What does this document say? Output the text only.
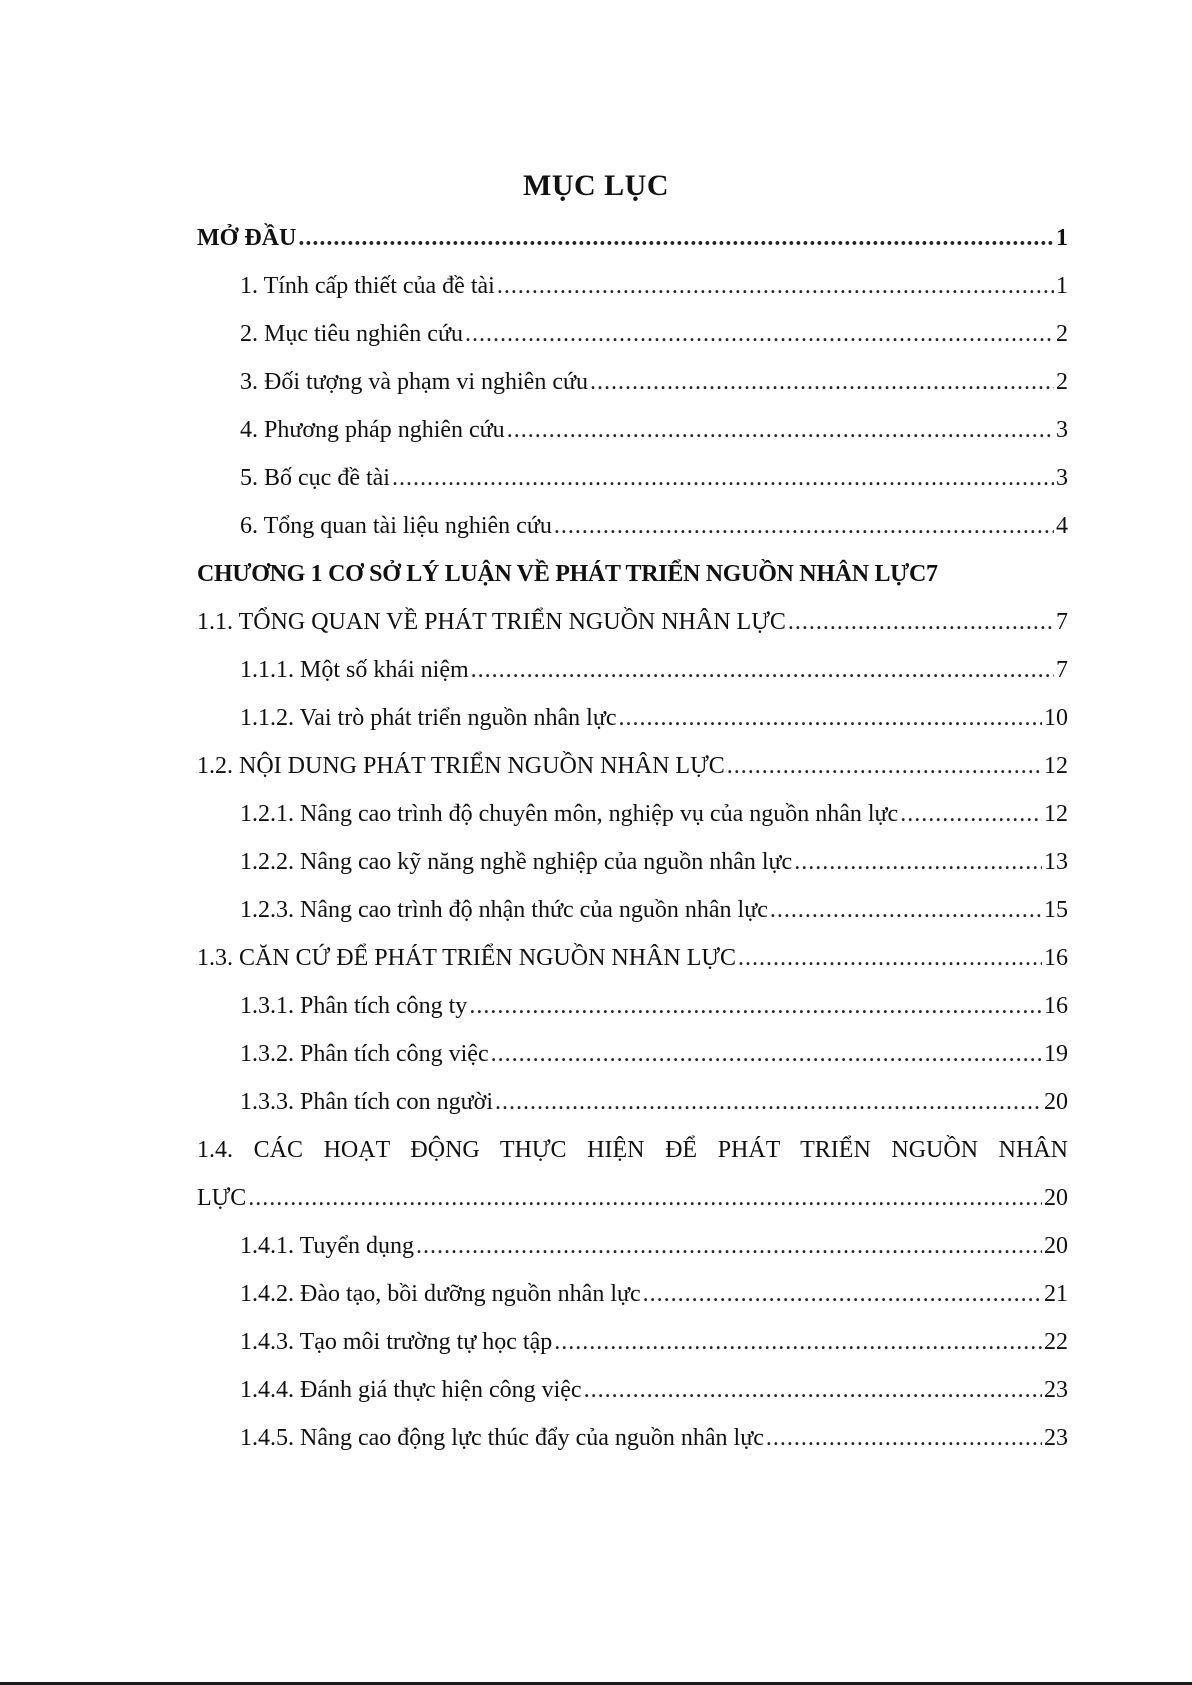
MỤC LỤC
MỞ ĐẦU .....	1
1. Tính cấp thiết của đề tài .....	1
2. Mục tiêu nghiên cứu .....	2
3. Đối tượng và phạm vi nghiên cứu .....	2
4. Phương pháp nghiên cứu .....	3
5. Bố cục đề tài .....	3
6. Tổng quan tài liệu nghiên cứu .....	4
CHƯƠNG 1 CƠ SỞ LÝ LUẬN VỀ PHÁT TRIỂN NGUỒN NHÂN LỰC 7
1.1. TỔNG QUAN VỀ PHÁT TRIỂN NGUỒN NHÂN LỰC .....	7
1.1.1. Một số khái niệm .....	7
1.1.2. Vai trò phát triển nguồn nhân lực .....	10
1.2. NỘI DUNG PHÁT TRIỂN NGUỒN NHÂN LỰC .....	12
1.2.1. Nâng cao trình độ chuyên môn, nghiệp vụ của nguồn nhân lực .....	12
1.2.2. Nâng cao kỹ năng nghề nghiệp của nguồn nhân lực .....	13
1.2.3. Nâng cao trình độ nhận thức của nguồn nhân lực .....	15
1.3. CĂN CỨ ĐỂ PHÁT TRIỂN NGUỒN NHÂN LỰC .....	16
1.3.1. Phân tích công ty .....	16
1.3.2. Phân tích công việc .....	19
1.3.3. Phân tích con người .....	20
1.4. CÁC HOẠT ĐỘNG THỰC HIỆN ĐỂ PHÁT TRIỂN NGUỒN NHÂN
LỰC .....	20
1.4.1. Tuyển dụng .....	20
1.4.2. Đào tạo, bồi dưỡng nguồn nhân lực .....	21
1.4.3. Tạo môi trường tự học tập .....	22
1.4.4. Đánh giá thực hiện công việc .....	23
1.4.5. Nâng cao động lực thúc đẩy của nguồn nhân lực .....	23
